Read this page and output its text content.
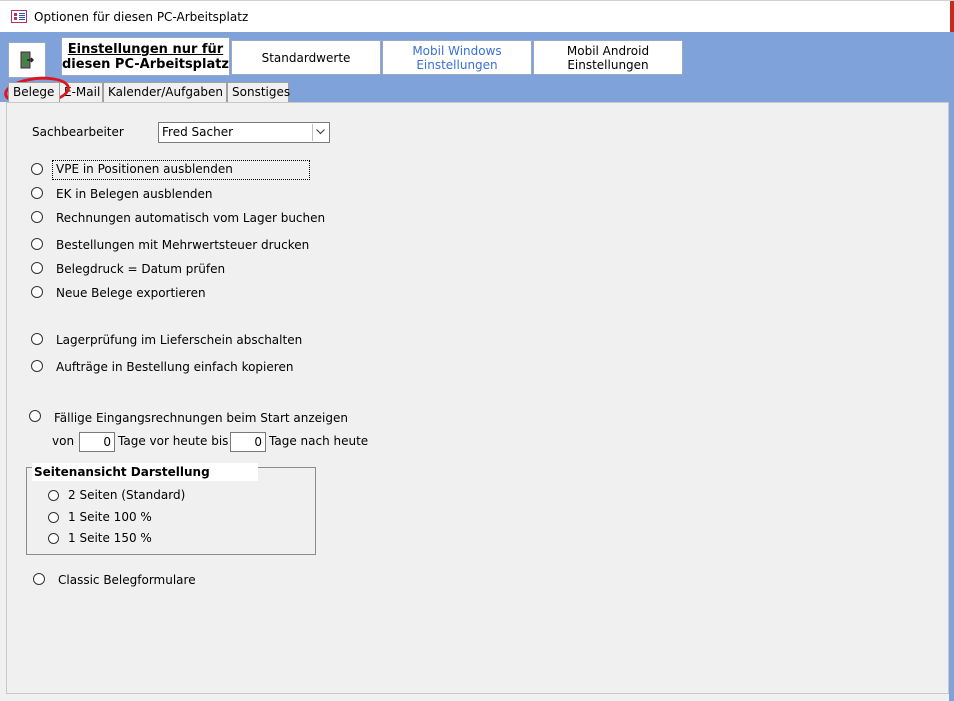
Optionen für diesen PC-Arbeitsplatz
Einstellungen nur für
diesen PC-Arbeitsplatz	Standardwerte	Mobil Windows
Einstellungen
Mobil Android
Einstellungen
Belege E-Mail Kalender/Aufgaben Sonstiges
Sachbearbeiter	Fred Sacher
VPE in Positionen ausblenden
EK in Belegen ausblenden
Rechnungen automatisch vom Lager buchen
Bestellungen mit Mehrwertsteuer drucken
Belegdruck = Datum prüfen
Neue Belege exportieren
Lagerprüfung im Lieferschein abschalten
Aufträge in Bestellung einfach kopieren
Fällige Eingangsrechnungen beim Start anzeigen
von	0 Tage vor heute bis	0 Tage nach heute
Seitenansicht Darstellung
2 Seiten (Standard)
1 Seite 100 %
1 Seite 150 %
Classic Belegformulare
